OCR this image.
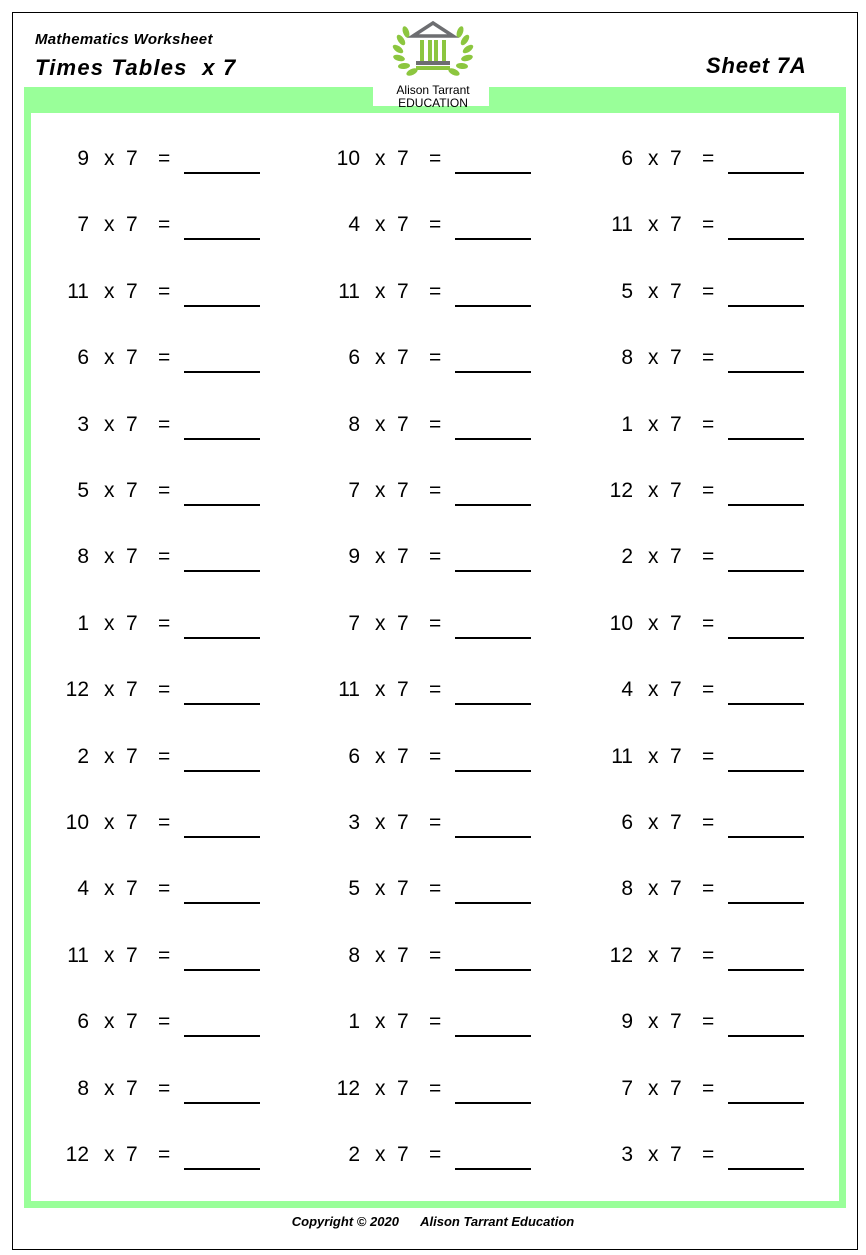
Mathematics Worksheet
Times Tables  x 7	Sheet 7A
Alison Tarrant
EDUCATION
9 x 7 =
7 x 7 =
11 x 7 =
6 x 7 =
3 x 7 =
5 x 7 =
8 x 7 =
1 x 7 =
12 x 7 =
2 x 7 =
10 x 7 =
4 x 7 =
11 x 7 =
6 x 7 =
8 x 7 =
12 x 7 =
10 x 7 =
4 x 7 =
11 x 7 =
6 x 7 =
8 x 7 =
7 x 7 =
9 x 7 =
7 x 7 =
11 x 7 =
6 x 7 =
3 x 7 =
5 x 7 =
8 x 7 =
1 x 7 =
12 x 7 =
2 x 7 =
6 x 7 =
11 x 7 =
5 x 7 =
8 x 7 =
1 x 7 =
12 x 7 =
2 x 7 =
10 x 7 =
4 x 7 =
11 x 7 =
6 x 7 =
8 x 7 =
12 x 7 =
9 x 7 =
7 x 7 =
3 x 7 =
Copyright © 2020 Alison Tarrant Education
